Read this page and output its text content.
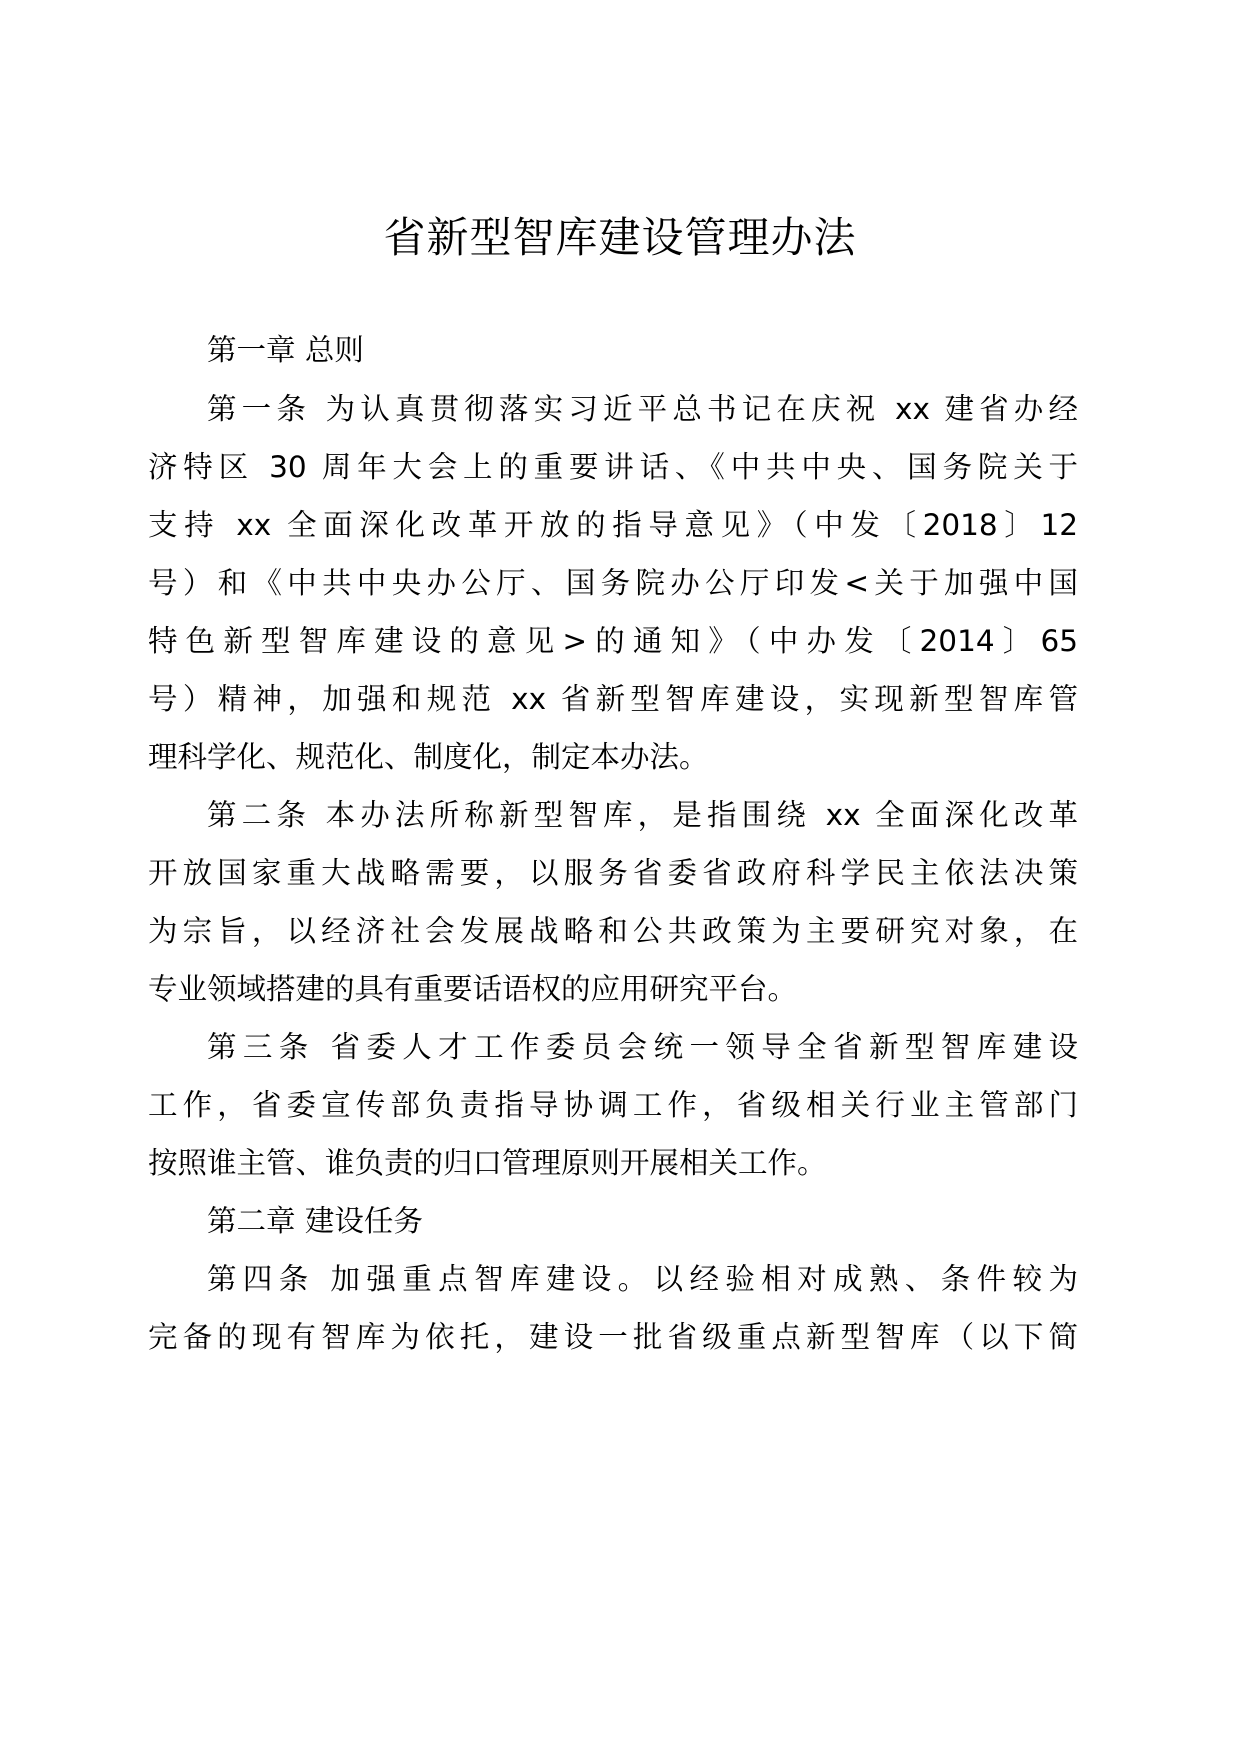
省新型智库建设管理办法
第一章 总则
第一条 为认真贯彻落实习近平总书记在庆祝 xx 建省办经
济特区 30 周年大会上的重要讲话、《中共中央、国务院关于
支持 xx 全面深化改革开放的指导意见》（中发〔2018〕12
号）和《中共中央办公厅、国务院办公厅印发<关于加强中国
特色新型智库建设的意见>的通知》（中办发〔2014〕65
号）精神，加强和规范 xx 省新型智库建设，实现新型智库管
理科学化、规范化、制度化，制定本办法。
第二条 本办法所称新型智库，是指围绕 xx 全面深化改革
开放国家重大战略需要，以服务省委省政府科学民主依法决策
为宗旨，以经济社会发展战略和公共政策为主要研究对象，在
专业领域搭建的具有重要话语权的应用研究平台。
第三条 省委人才工作委员会统一领导全省新型智库建设
工作，省委宣传部负责指导协调工作，省级相关行业主管部门
按照谁主管、谁负责的归口管理原则开展相关工作。
第二章 建设任务
第四条 加强重点智库建设。以经验相对成熟、条件较为
完备的现有智库为依托，建设一批省级重点新型智库（以下简
